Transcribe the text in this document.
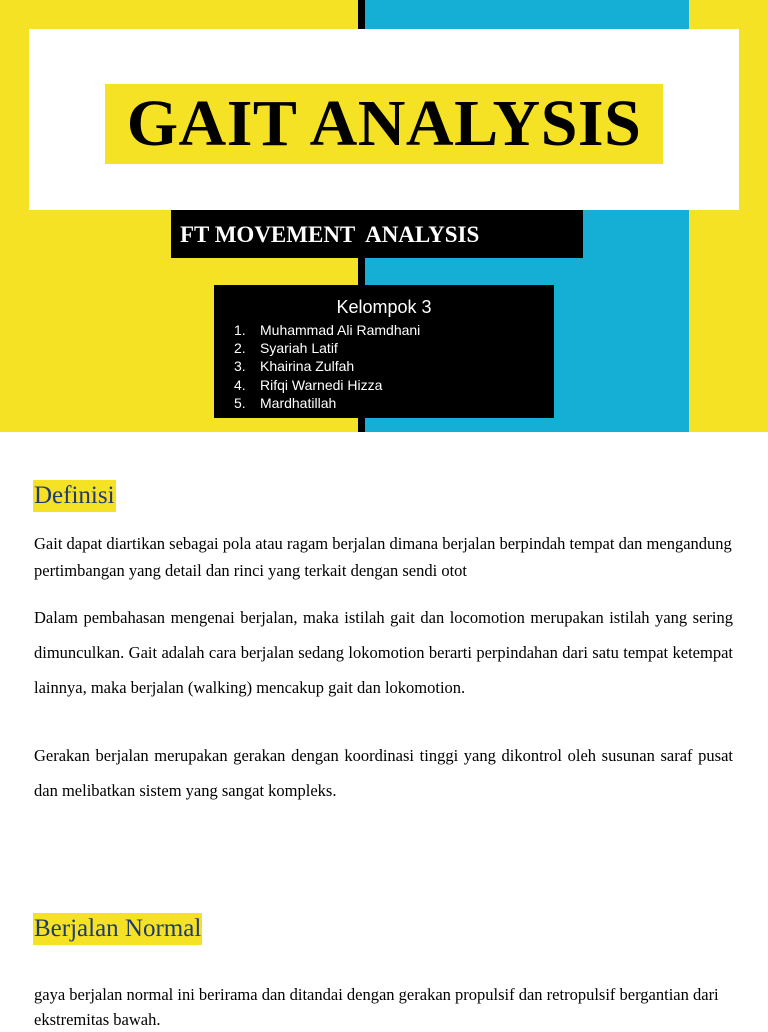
GAIT ANALYSIS
FT MOVEMENT  ANALYSIS
Kelompok 3
1. Muhammad Ali Ramdhani
2. Syariah Latif
3. Khairina Zulfah
4. Rifqi Warnedi Hizza
5. Mardhatillah
Definisi

Gait dapat diartikan sebagai pola atau ragam berjalan dimana berjalan berpindah tempat dan mengandung pertimbangan yang detail dan rinci yang terkait dengan sendi otot

Dalam pembahasan mengenai berjalan, maka istilah gait dan locomotion merupakan istilah yang sering dimunculkan. Gait adalah cara berjalan sedang lokomotion berarti perpindahan dari satu tempat ketempat lainnya, maka berjalan (walking) mencakup gait dan lokomotion.

Gerakan berjalan merupakan gerakan dengan koordinasi tinggi yang dikontrol oleh susunan saraf pusat dan melibatkan sistem yang sangat kompleks.

Berjalan Normal

gaya berjalan normal ini berirama dan ditandai dengan gerakan propulsif dan retropulsif bergantian dari ekstremitas bawah.
